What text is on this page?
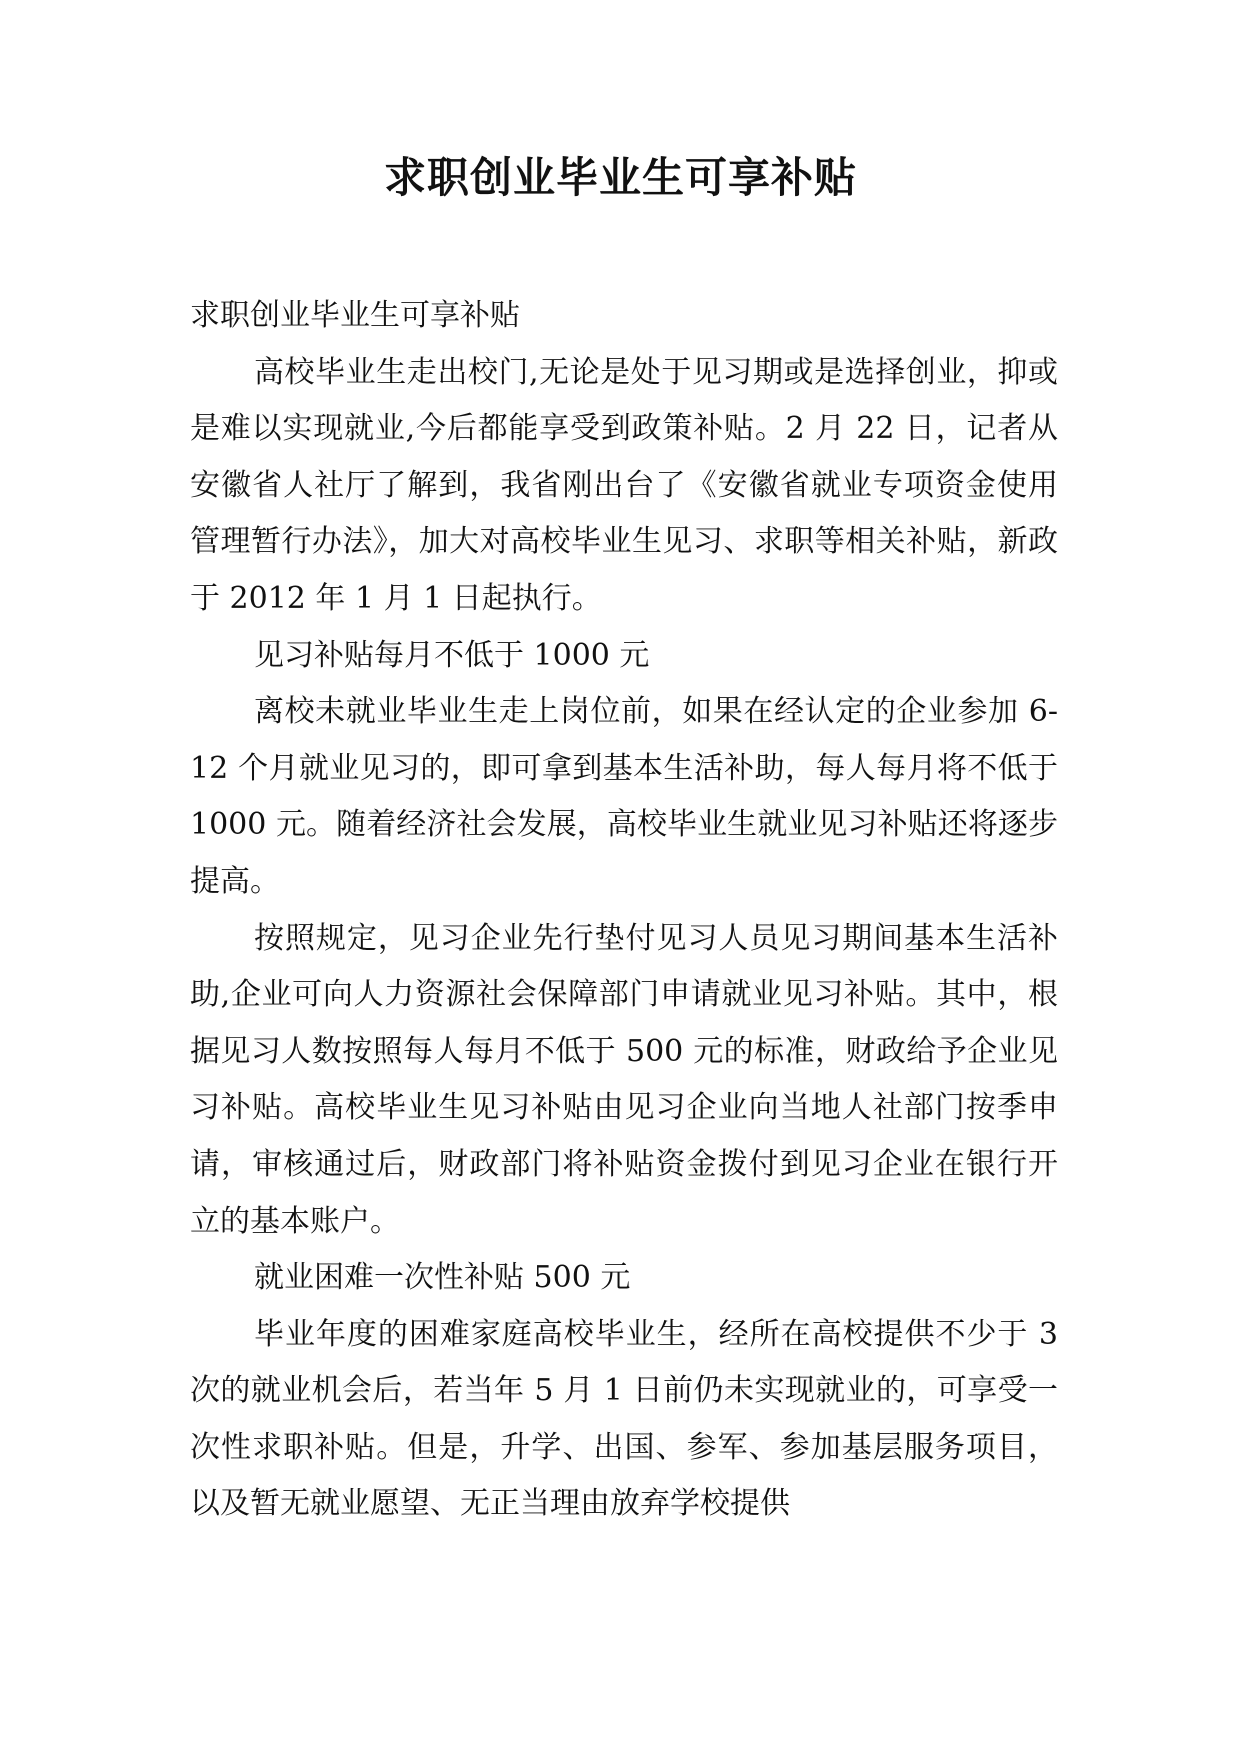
求职创业毕业生可享补贴

求职创业毕业生可享补贴

高校毕业生走出校门,无论是处于见习期或是选择创业，抑或是难以实现就业,今后都能享受到政策补贴。2 月 22 日，记者从安徽省人社厅了解到，我省刚出台了《安徽省就业专项资金使用管理暂行办法》，加大对高校毕业生见习、求职等相关补贴，新政于 2012 年 1 月 1 日起执行。

见习补贴每月不低于 1000 元

离校未就业毕业生走上岗位前，如果在经认定的企业参加 6-12 个月就业见习的，即可拿到基本生活补助，每人每月将不低于 1000 元。随着经济社会发展，高校毕业生就业见习补贴还将逐步提高。

按照规定，见习企业先行垫付见习人员见习期间基本生活补助,企业可向人力资源社会保障部门申请就业见习补贴。其中，根据见习人数按照每人每月不低于 500 元的标准，财政给予企业见习补贴。高校毕业生见习补贴由见习企业向当地人社部门按季申请，审核通过后，财政部门将补贴资金拨付到见习企业在银行开立的基本账户。

就业困难一次性补贴 500 元

毕业年度的困难家庭高校毕业生，经所在高校提供不少于 3 次的就业机会后，若当年 5 月 1 日前仍未实现就业的，可享受一次性求职补贴。但是，升学、出国、参军、参加基层服务项目，以及暂无就业愿望、无正当理由放弃学校提供
